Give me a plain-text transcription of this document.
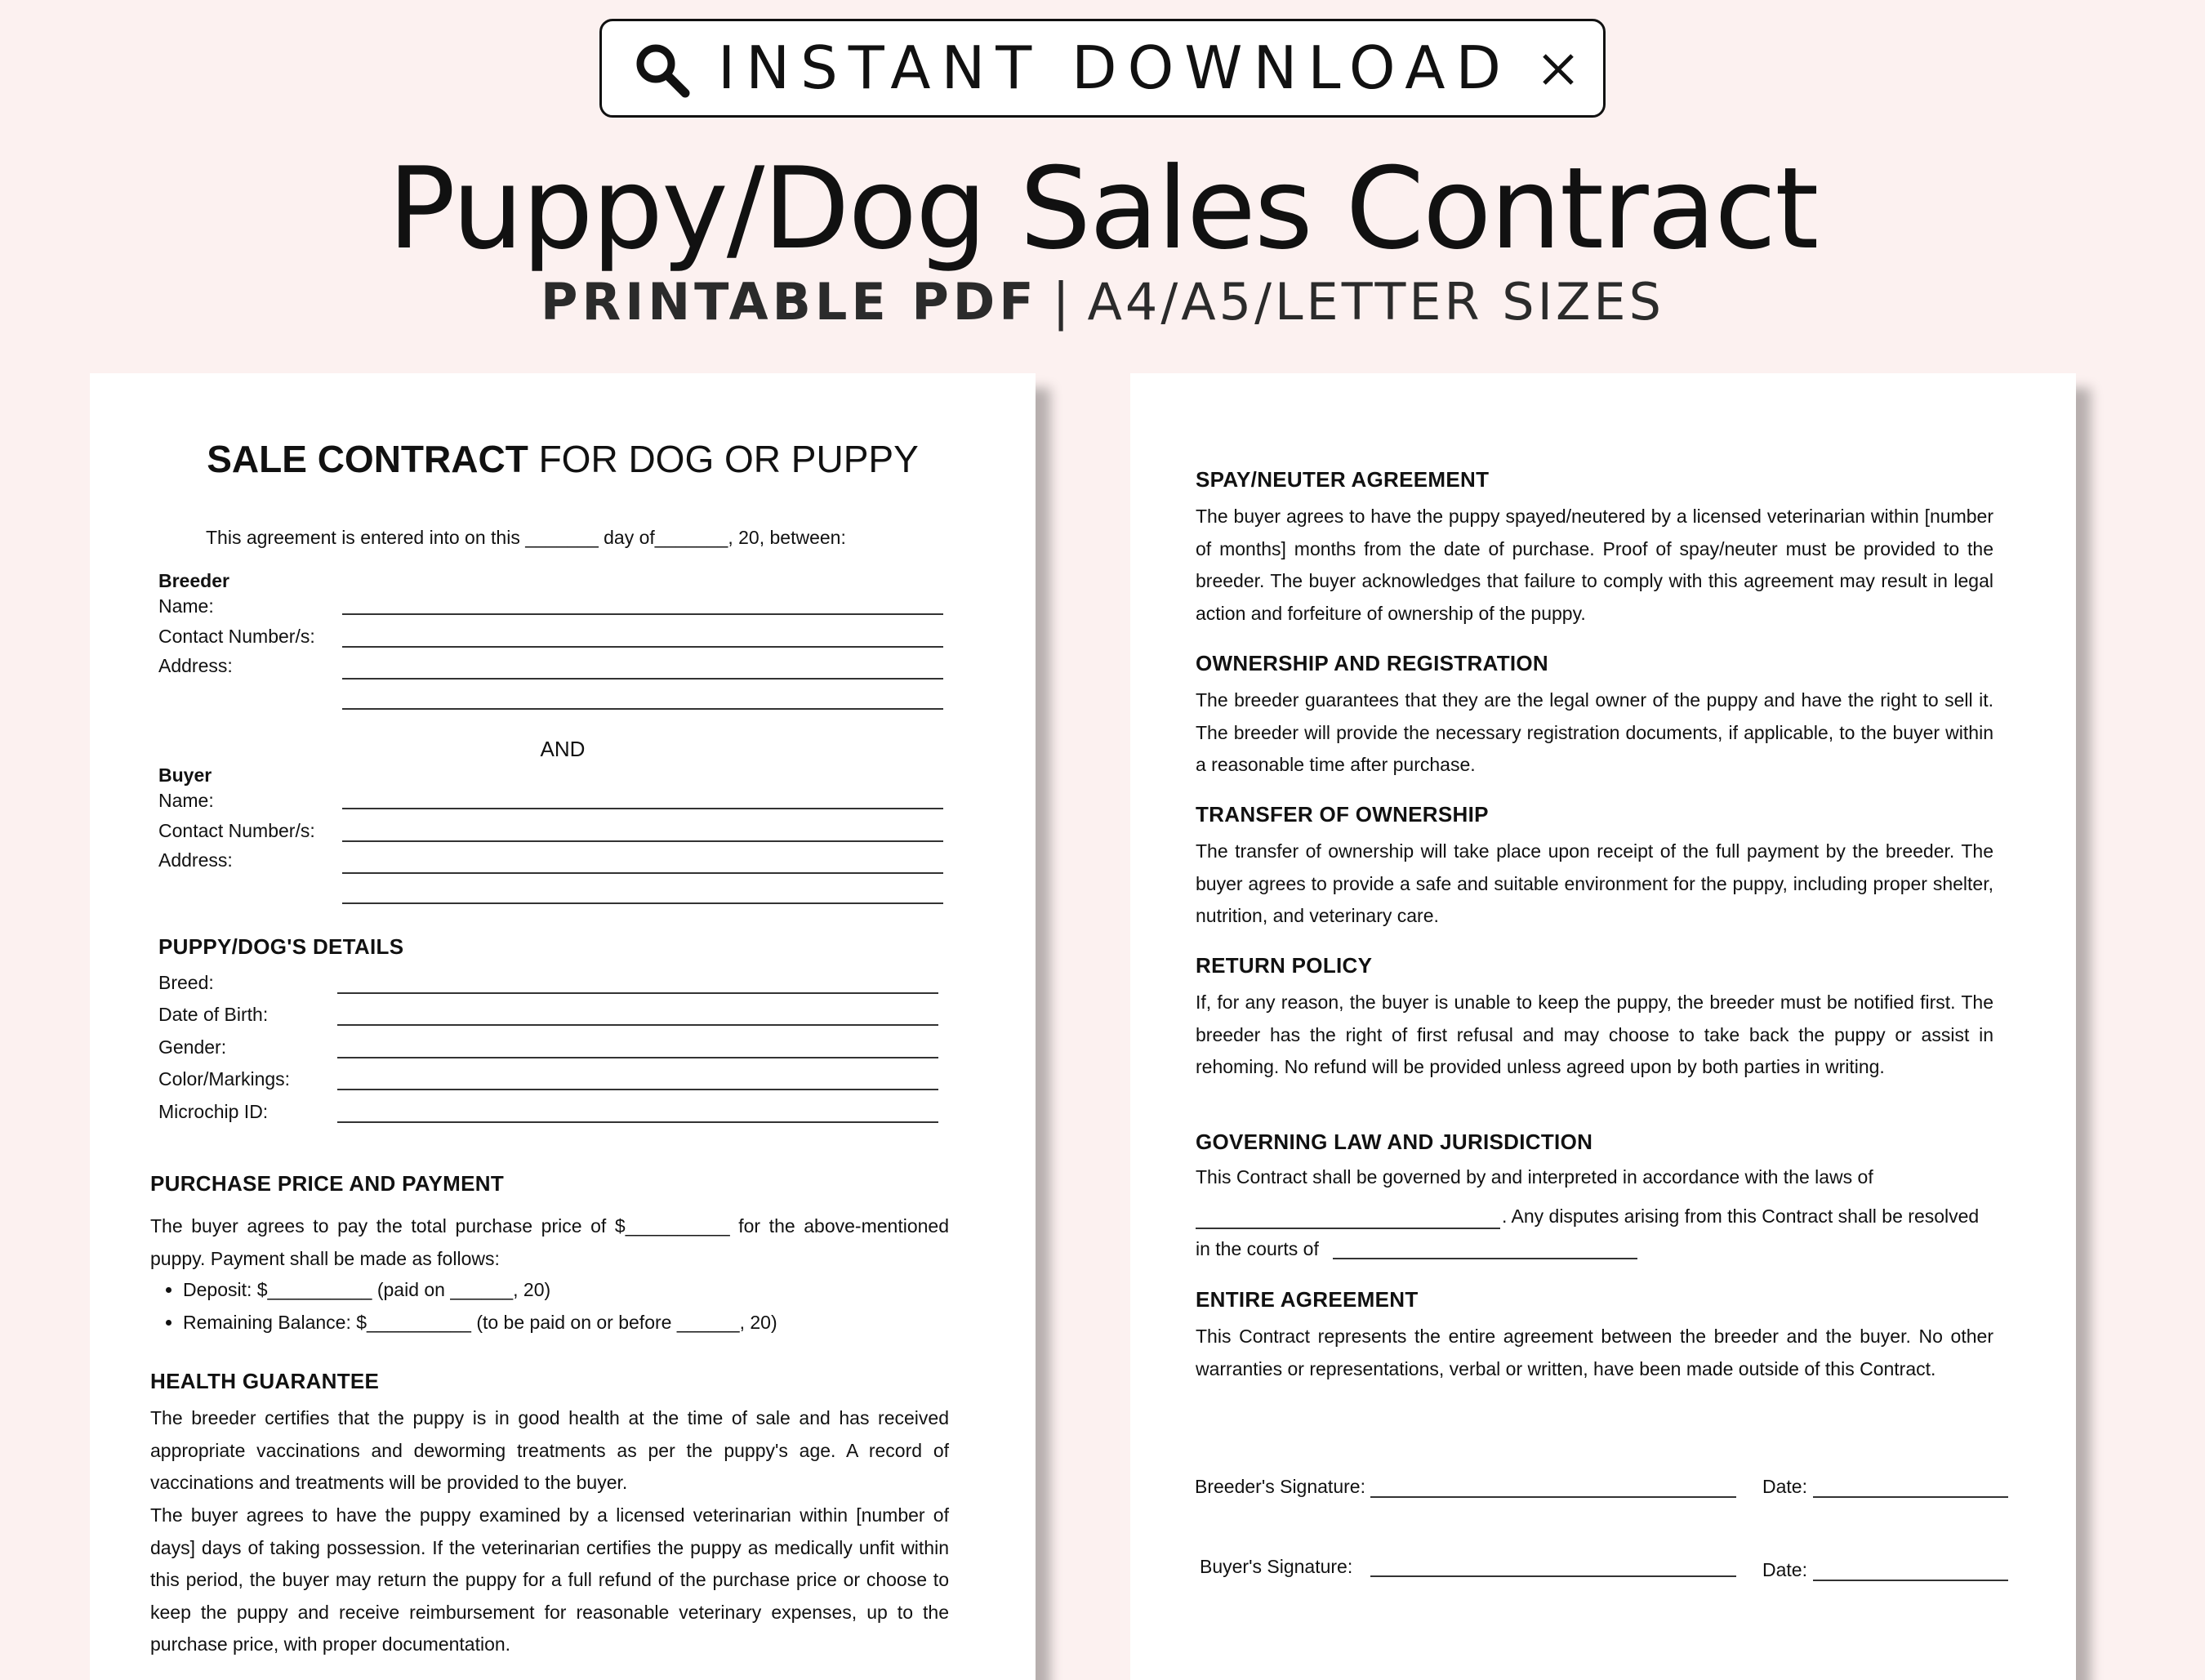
INSTANT DOWNLOAD
Puppy/Dog Sales Contract
PRINTABLE PDF | A4/A5/LETTER SIZES
SALE CONTRACT FOR DOG OR PUPPY
This agreement is entered into on this _______ day of_______, 20, between:
Breeder
Name:
Contact Number/s:
Address:
AND
Buyer
Name:
Contact Number/s:
Address:
PUPPY/DOG'S DETAILS
Breed:
Date of Birth:
Gender:
Color/Markings:
Microchip ID:
PURCHASE PRICE AND PAYMENT
The buyer agrees to pay the total purchase price of $__________ for the above-mentioned puppy. Payment shall be made as follows:
• Deposit: $__________ (paid on ______, 20)
• Remaining Balance: $__________ (to be paid on or before ______, 20)
HEALTH GUARANTEE
The breeder certifies that the puppy is in good health at the time of sale and has received appropriate vaccinations and deworming treatments as per the puppy's age. A record of vaccinations and treatments will be provided to the buyer.
The buyer agrees to have the puppy examined by a licensed veterinarian within [number of days] days of taking possession. If the veterinarian certifies the puppy as medically unfit within this period, the buyer may return the puppy for a full refund of the purchase price or choose to keep the puppy and receive reimbursement for reasonable veterinary expenses, up to the purchase price, with proper documentation.
SPAY/NEUTER AGREEMENT
The buyer agrees to have the puppy spayed/neutered by a licensed veterinarian within [number of months] months from the date of purchase. Proof of spay/neuter must be provided to the breeder. The buyer acknowledges that failure to comply with this agreement may result in legal action and forfeiture of ownership of the puppy.
OWNERSHIP AND REGISTRATION
The breeder guarantees that they are the legal owner of the puppy and have the right to sell it. The breeder will provide the necessary registration documents, if applicable, to the buyer within a reasonable time after purchase.
TRANSFER OF OWNERSHIP
The transfer of ownership will take place upon receipt of the full payment by the breeder. The buyer agrees to provide a safe and suitable environment for the puppy, including proper shelter, nutrition, and veterinary care.
RETURN POLICY
If, for any reason, the buyer is unable to keep the puppy, the breeder must be notified first. The breeder has the right of first refusal and may choose to take back the puppy or assist in rehoming. No refund will be provided unless agreed upon by both parties in writing.
GOVERNING LAW AND JURISDICTION
This Contract shall be governed by and interpreted in accordance with the laws of
. Any disputes arising from this Contract shall be resolved
in the courts of
ENTIRE AGREEMENT
This Contract represents the entire agreement between the breeder and the buyer. No other warranties or representations, verbal or written, have been made outside of this Contract.
Breeder's Signature:	Date:
Buyer's Signature:	Date:
